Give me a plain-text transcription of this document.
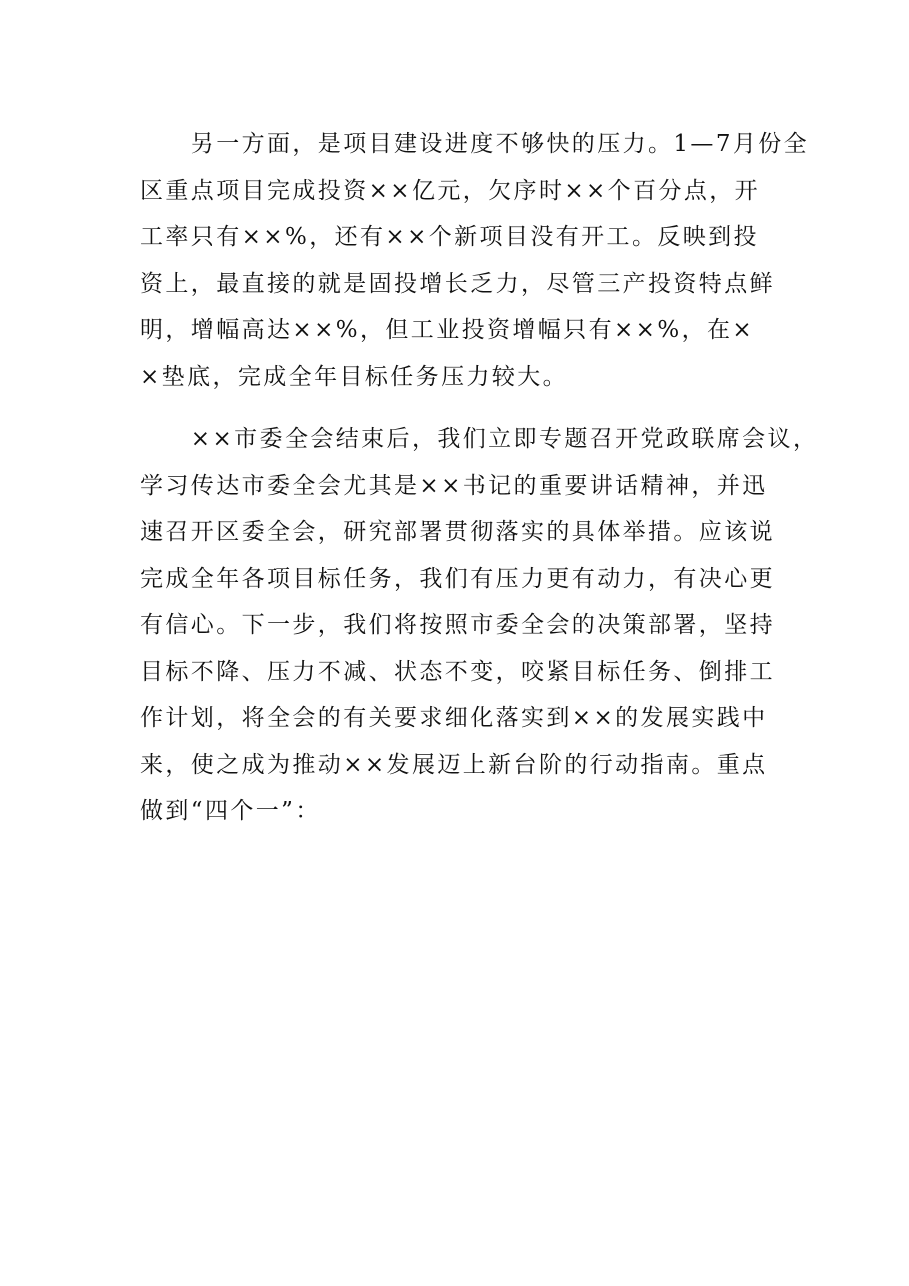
　　另一方面，是项目建设进度不够快的压力。1—7月份全
区重点项目完成投资××亿元，欠序时××个百分点，开
工率只有××%，还有××个新项目没有开工。反映到投
资上，最直接的就是固投增长乏力，尽管三产投资特点鲜
明，增幅高达××%，但工业投资增幅只有××%，在×
×垫底，完成全年目标任务压力较大。

　　××市委全会结束后，我们立即专题召开党政联席会议，
学习传达市委全会尤其是××书记的重要讲话精神，并迅
速召开区委全会，研究部署贯彻落实的具体举措。应该说
完成全年各项目标任务，我们有压力更有动力，有决心更
有信心。下一步，我们将按照市委全会的决策部署，坚持
目标不降、压力不减、状态不变，咬紧目标任务、倒排工
作计划，将全会的有关要求细化落实到××的发展实践中
来，使之成为推动××发展迈上新台阶的行动指南。重点
做到“四个一”：
